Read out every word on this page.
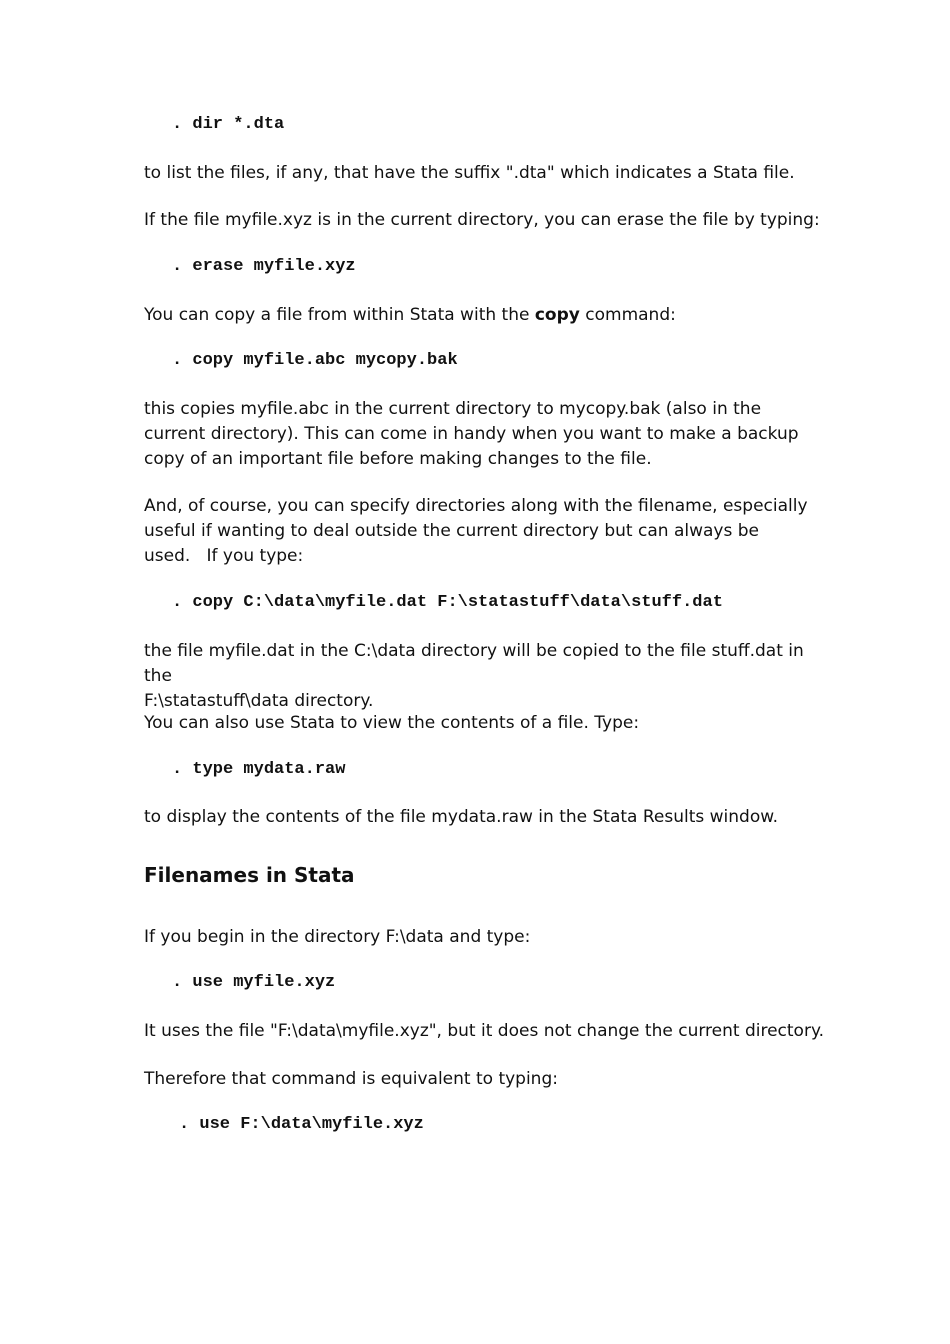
. dir *.dta

to list the files, if any, that have the suffix ".dta" which indicates a Stata file.

If the file myfile.xyz is in the current directory, you can erase the file by typing:

. erase myfile.xyz

You can copy a file from within Stata with the copy command:

. copy myfile.abc mycopy.bak

this copies myfile.abc in the current directory to mycopy.bak (also in the
current directory). This can come in handy when you want to make a backup
copy of an important file before making changes to the file.

And, of course, you can specify directories along with the filename, especially
useful if wanting to deal outside the current directory but can always be
used.   If you type:

. copy C:\data\myfile.dat F:\statastuff\data\stuff.dat

the file myfile.dat in the C:\data directory will be copied to the file stuff.dat in the
F:\statastuff\data directory.

You can also use Stata to view the contents of a file. Type:

. type mydata.raw

to display the contents of the file mydata.raw in the Stata Results window.

Filenames in Stata

If you begin in the directory F:\data and type:

. use myfile.xyz

It uses the file "F:\data\myfile.xyz", but it does not change the current directory.

Therefore that command is equivalent to typing:

. use F:\data\myfile.xyz
